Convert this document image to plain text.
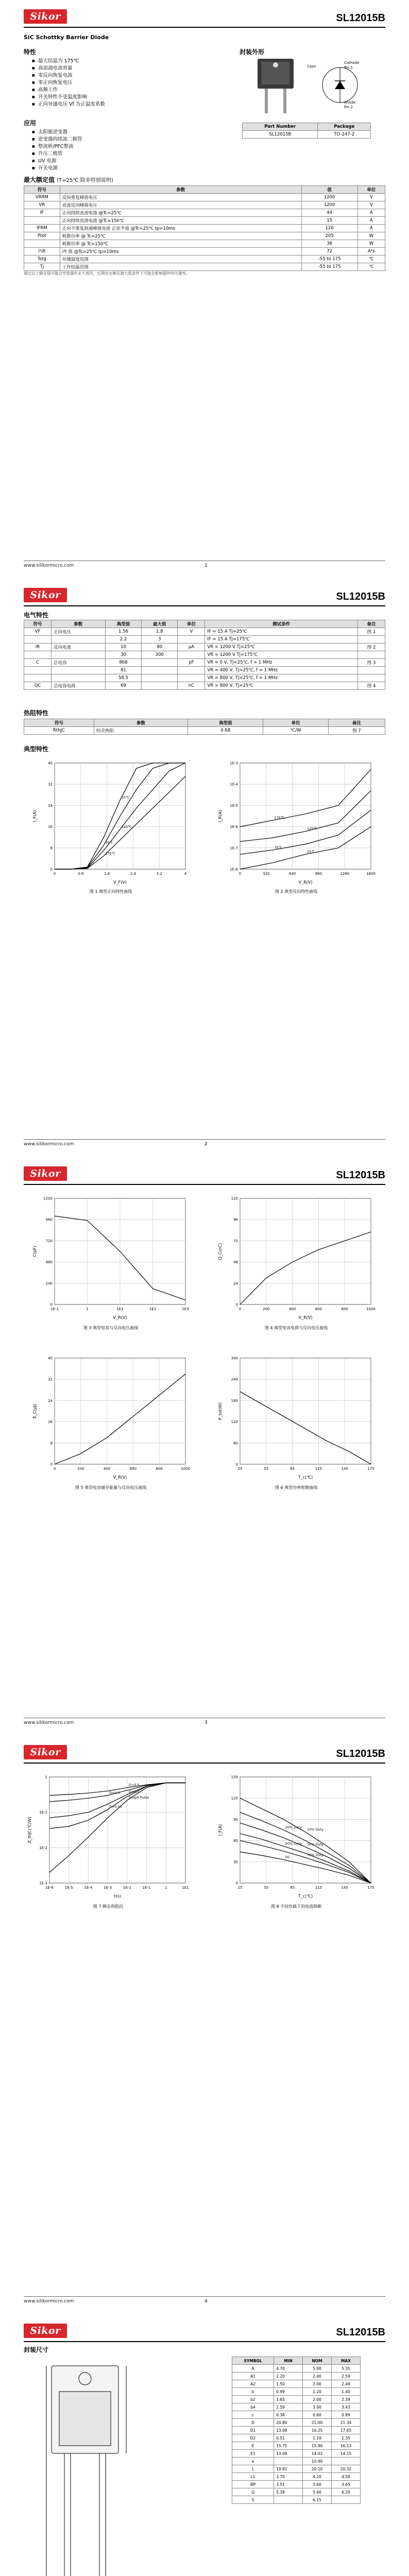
Sikor	SL12015B
SiC Schottky Barrier Diode
特性
■ 最大结温为 175℃
■ 高浪涌电流容量
■ 零反向恢复电流
■ 零正向恢复电压
■ 高频工作
■ 开关特性不受温度影响
■ 正向导通电压 Vf 为正温度系数
封装外形
Case
Cathode
Pin 1
Anode
Pin 2
应用
■ 太阳能逆变器
■ 逆变器的续流二极管
■ 整流桥/PFC整流
■ 升压二极管
■ UV 电源
■ 开关电源
Part Number	Package
SL12015B	TO-247-2
最大额定值 (T=25℃ 除非特别说明)
符号	参数	值	单位
VRRM	反向重复峰值电压	1200	V
VR	直流反向峰值电压	1200	V
IF	正向持续直流电流 @Tc=25℃	44	A
	正向持续直流电流 @Tc=150℃	15	A
IFRM	正向不重复浪涌峰值电流 正弦半波 @Tc=25℃ tp=10ms	120	A
Ptot	耗散功率 @ Tc=25℃	205	W
	耗散功率 @ Tc=150℃	36	W
i²dt	i²t 值 @Tc=25℃ tp=10ms	72	A²s
Tstg	存储温度范围	-55 to 175	℃
Tj	工作结温范围	-55 to 175	℃
超过以上额定值可能会导致器件永久损坏，长期处在额定最大值条件下可能会影响器件的可靠性。
www.silikormicro.com	1
Sikor	SL12015B
电气特性
符号	参数	典型值	最大值	单位	测试条件	备注
VF	正向电压	1.56	1.8	V	IF = 15 A Tj=25℃	图 1
		2.2	3		IF = 15 A Tj=175℃	
IR	反向电流	10	80	μA	VR = 1200 V Tj=25℃	图 2
		30	300		VR = 1200 V Tj=175℃	
C	总电容	868		pF	VR = 0 V, Tj=25℃, f = 1 MHz	图 3
		81			VR = 400 V, Tj=25℃, f = 1 MHz	
		58.5			VR = 800 V, Tj=25℃, f = 1 MHz	
QC	总电容电荷	69		nC	VR = 800 V, Tj=25℃	图 4
热阻特性
符号	参数	典型值	单位	备注
RthJC	结壳热阻	0.68	℃/W	图 7
典型特性
0	0.8	1.6	2.4	3.2	4
0
8
16
24
32
40
V_F(V)
I_F(A)
25℃
75℃
125℃
175℃
图 1 典型正向特性曲线
0	320	640	960	1280	1600
1E-8
1E-7
1E-6
1E-5
1E-4
1E-3
V_R(V)
I_R(A)
25℃
75℃
125℃
175℃
图 2 典型反向特性曲线
www.silikormicro.com	2
Sikor	SL12015B
1E-1	1	1E1	1E2	1E3
0
240
480
720
960
1200
V_R(V)
C(pF)
图 3 典型电容与反向电压曲线
0	200	400	600	800	1000
0
24
48
72
96
120
V_R(V)
Q_C(nC)
图 4 典型电容电荷与反向电压曲线
0	200	400	600	800	1000
0
8
16
24
32
40
V_R(V)
E_C(μJ)
图 5 典型电容储存能量与反向电压曲线
25	55	85	115	145	175
0
60
120
180
240
300
T_c(℃)
P_tot(W)
图 6 典型功率耗散曲线
www.silikormicro.com	3
Sikor	SL12015B
1E-6	1E-5	1E-4	1E-3	1E-2	1E-1	1	1E1
1E-3
1E-2
1E-1
1
t(s)
Z_thJC(℃/W)
D=0.5
D=0.3	D=0.1
D=0.05
Single Pulse
图 7 瞬态热阻抗
25	55	85	115	145	175
0
30
60
90
120
150
T_c(℃)
I_F(A)	10% Duty
20% Duty
30% Duty
50% Duty
70% Duty
DC
图 8 不同负载下的电流降额
www.silikormicro.com	4
Sikor	SL12015B
封装尺寸
SYMBOL	MIN	NOM	MAX
A	4.70	5.00	5.31
A1	2.20	2.40	2.59
A2	1.50	2.00	2.49
b	0.99	1.20	1.40
b2	1.65	2.00	2.39
b4	2.59	3.00	3.43
c	0.38	0.60	0.89
D	20.80	21.00	21.34
D1	13.08	16.25	17.65
D2	0.51	1.19	1.35
E	15.75	15.90	16.13
E1	13.06	14.02	14.15
e		10.90	
L	19.81	20.10	20.32
L1	3.70	4.20	4.50
ØP	3.51	3.60	3.65
Q	5.39	5.60	6.20
S		6.15	
